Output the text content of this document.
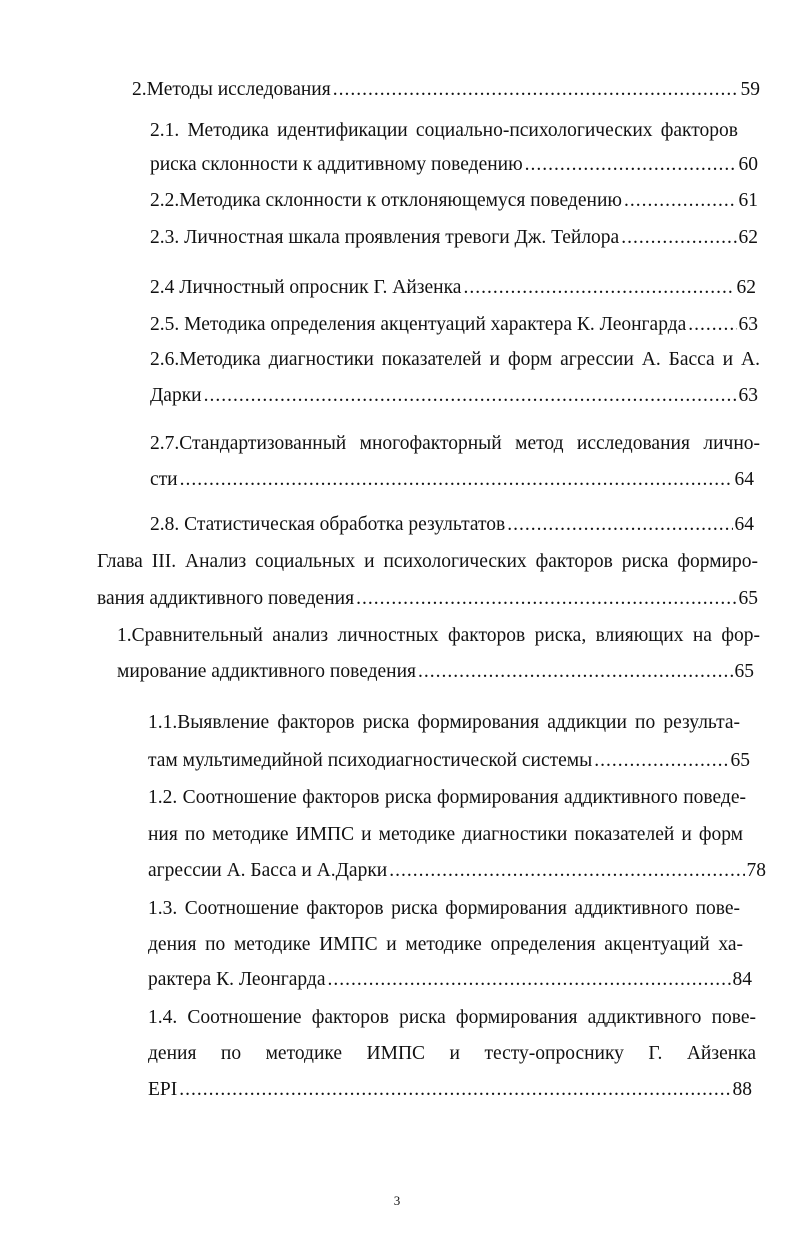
2.Методы исследования .....	59
2.1. Методика идентификации социально-психологических факторов
риска склонности к аддитивному поведению .....	60
2.2.Методика склонности к отклоняющемуся поведению .....	61
2.3. Личностная шкала проявления тревоги Дж. Тейлора .....	62
2.4 Личностный опросник Г. Айзенка .....	62
2.5. Методика определения акцентуаций характера К. Леонгарда .....	63
2.6.Методика диагностики показателей и форм агрессии А. Басса и А.
Дарки .....	63
2.7.Стандартизованный многофакторный метод исследования лично-
сти .....	64
2.8. Статистическая обработка результатов .....	64
Глава III. Анализ социальных и психологических факторов риска формиро-
вания аддиктивного поведения .....	65
1.Сравнительный анализ личностных факторов риска, влияющих на фор-
мирование аддиктивного поведения .....	65
1.1.Выявление факторов риска формирования аддикции по результа-
там мультимедийной психодиагностической системы .....	65
1.2. Соотношение факторов риска формирования аддиктивного поведе-
ния по методике ИМПС и методике диагностики показателей и форм
агрессии А. Басса и А.Дарки .....	78
1.3. Соотношение факторов риска формирования аддиктивного пове-
дения по методике ИМПС и методике определения акцентуаций ха-
рактера К. Леонгарда .....	84
1.4. Соотношение факторов риска формирования аддиктивного пове-
дения по методике ИМПС и тесту-опроснику Г. Айзенка
EPI .....	88
3
